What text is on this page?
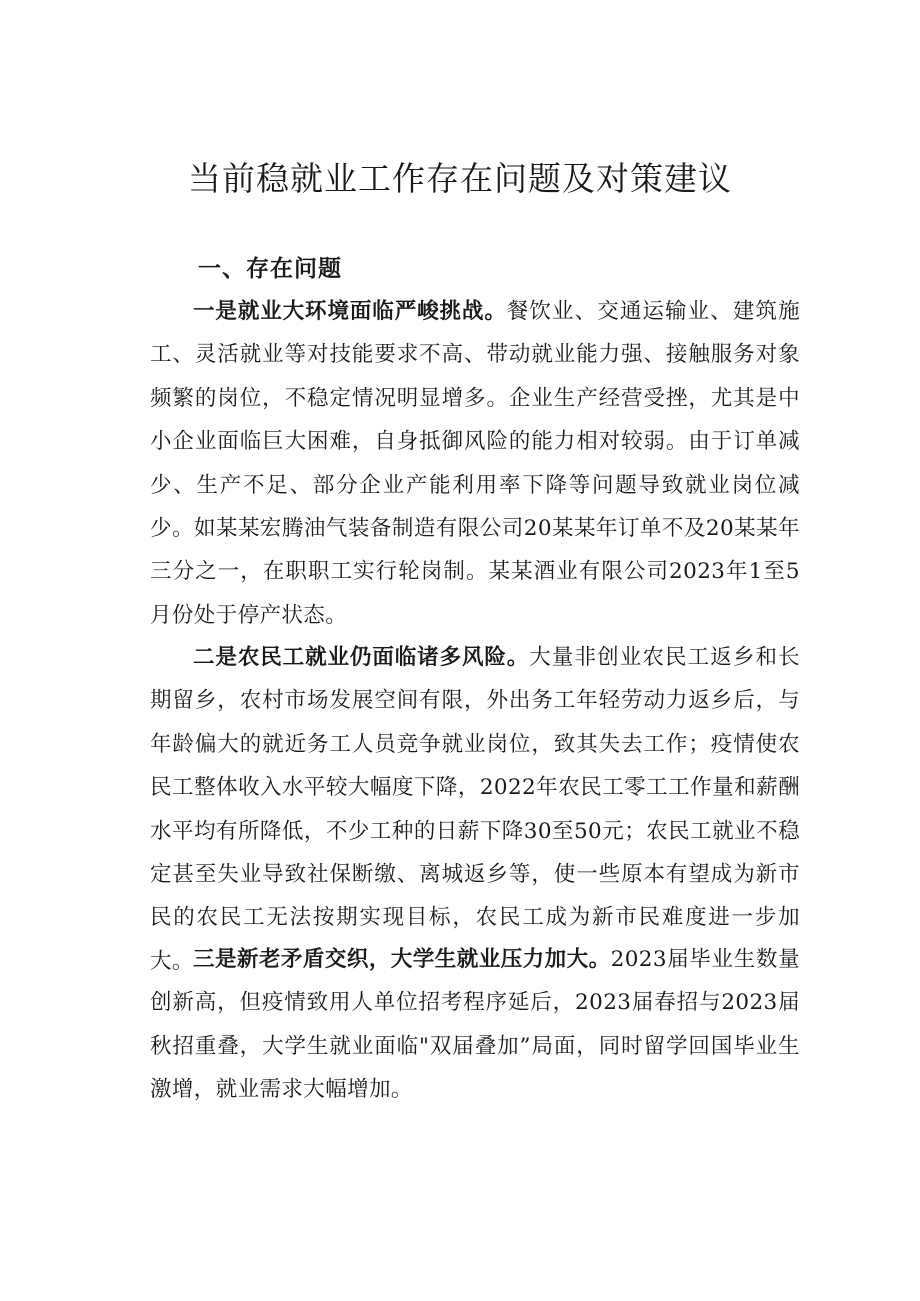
当前稳就业工作存在问题及对策建议
一、存在问题

一是就业大环境面临严峻挑战。餐饮业、交通运输业、建筑施工、灵活就业等对技能要求不高、带动就业能力强、接触服务对象频繁的岗位，不稳定情况明显增多。企业生产经营受挫，尤其是中小企业面临巨大困难，自身抵御风险的能力相对较弱。由于订单减少、生产不足、部分企业产能利用率下降等问题导致就业岗位减少。如某某宏腾油气装备制造有限公司20某某年订单不及20某某年三分之一，在职职工实行轮岗制。某某酒业有限公司2023年1至5月份处于停产状态。

二是农民工就业仍面临诸多风险。大量非创业农民工返乡和长期留乡，农村市场发展空间有限，外出务工年轻劳动力返乡后，与年龄偏大的就近务工人员竞争就业岗位，致其失去工作；疫情使农民工整体收入水平较大幅度下降，2022年农民工零工工作量和薪酬水平均有所降低，不少工种的日薪下降30至50元；农民工就业不稳定甚至失业导致社保断缴、离城返乡等，使一些原本有望成为新市民的农民工无法按期实现目标，农民工成为新市民难度进一步加大。 三是新老矛盾交织，大学生就业压力加大。2023届毕业生数量创新高，但疫情致用人单位招考程序延后，2023届春招与2023届秋招重叠，大学生就业面临"双届叠加”局面，同时留学回国毕业生激增，就业需求大幅增加。
